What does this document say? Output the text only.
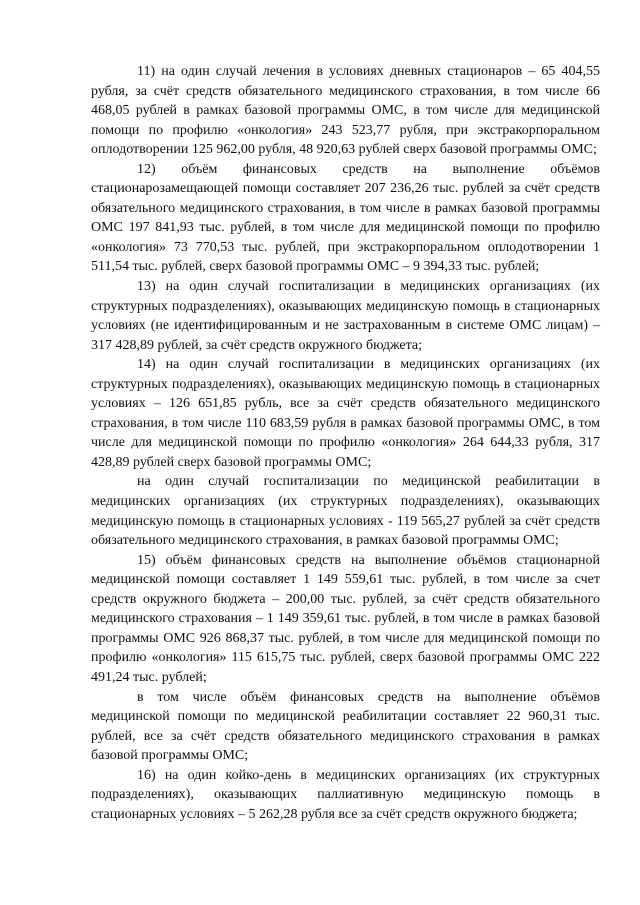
11) на один случай лечения в условиях дневных стационаров – 65 404,55 рубля, за счёт средств обязательного медицинского страхования, в том числе 66 468,05 рублей в рамках базовой программы ОМС, в том числе для медицинской помощи по профилю «онкология» 243 523,77 рубля, при экстракорпоральном оплодотворении 125 962,00 рубля, 48 920,63 рублей сверх базовой программы ОМС;

12) объём финансовых средств на выполнение объёмов стационарозамещающей помощи составляет 207 236,26 тыс. рублей за счёт средств обязательного медицинского страхования, в том числе в рамках базовой программы ОМС 197 841,93 тыс. рублей, в том числе для медицинской помощи по профилю «онкология» 73 770,53 тыс. рублей, при экстракорпоральном оплодотворении 1 511,54 тыс. рублей, сверх базовой программы ОМС – 9 394,33 тыс. рублей;

13) на один случай госпитализации в медицинских организациях (их структурных подразделениях), оказывающих медицинскую помощь в стационарных условиях (не идентифицированным и не застрахованным в системе ОМС лицам) – 317 428,89 рублей, за счёт средств окружного бюджета;

14) на один случай госпитализации в медицинских организациях (их структурных подразделениях), оказывающих медицинскую помощь в стационарных условиях – 126 651,85 рубль, все за счёт средств обязательного медицинского страхования, в том числе 110 683,59 рубля в рамках базовой программы ОМС, в том числе для медицинской помощи по профилю «онкология» 264 644,33 рубля, 317 428,89 рублей сверх базовой программы ОМС;

на один случай госпитализации по медицинской реабилитации в медицинских организациях (их структурных подразделениях), оказывающих медицинскую помощь в стационарных условиях - 119 565,27 рублей за счёт средств обязательного медицинского страхования, в рамках базовой программы ОМС;

15) объём финансовых средств на выполнение объёмов стационарной медицинской помощи составляет 1 149 559,61 тыс. рублей, в том числе за счет средств окружного бюджета – 200,00 тыс. рублей, за счёт средств обязательного медицинского страхования – 1 149 359,61 тыс. рублей, в том числе в рамках базовой программы ОМС 926 868,37 тыс. рублей, в том числе для медицинской помощи по профилю «онкология» 115 615,75 тыс. рублей, сверх базовой программы ОМС 222 491,24 тыс. рублей;

в том числе объём финансовых средств на выполнение объёмов медицинской помощи по медицинской реабилитации составляет 22 960,31 тыс. рублей, все за счёт средств обязательного медицинского страхования в рамках базовой программы ОМС;

16) на один койко-день в медицинских организациях (их структурных подразделениях), оказывающих паллиативную медицинскую помощь в стационарных условиях – 5 262,28 рубля все за счёт средств окружного бюджета;
